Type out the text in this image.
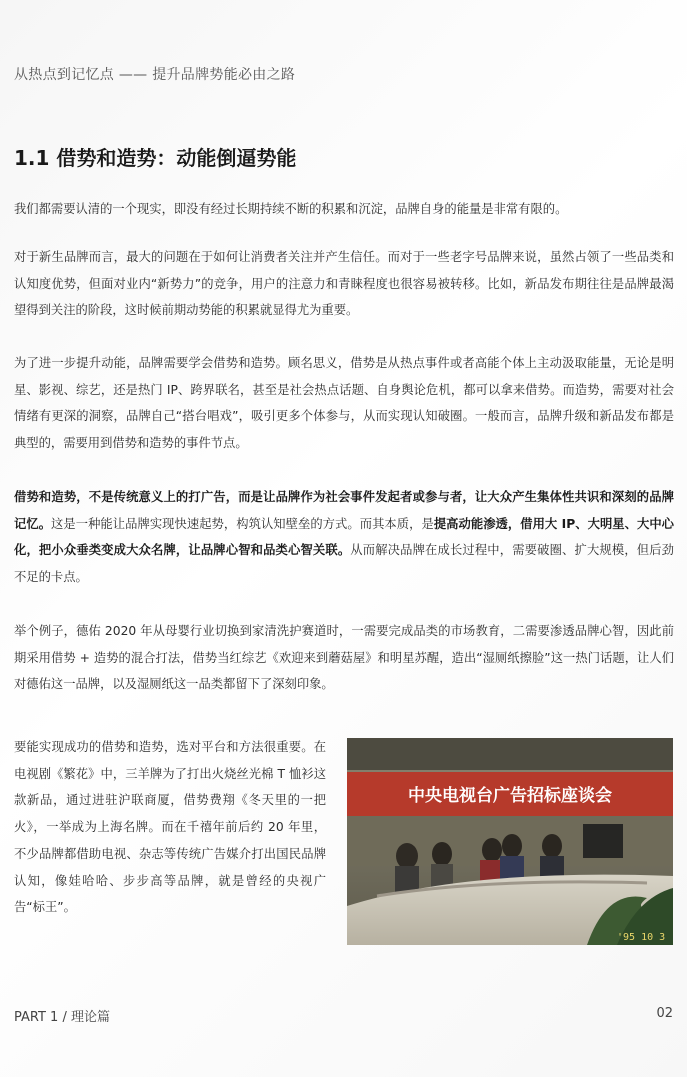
从热点到记忆点 —— 提升品牌势能必由之路
1.1 借势和造势：动能倒逼势能

我们都需要认清的一个现实，即没有经过长期持续不断的积累和沉淀，品牌自身的能量是非常有限的。

对于新生品牌而言，最大的问题在于如何让消费者关注并产生信任。而对于一些老字号品牌来说，虽然占领了一些品类和认知度优势，但面对业内“新势力”的竞争，用户的注意力和青睐程度也很容易被转移。比如，新品发布期往往是品牌最渴望得到关注的阶段，这时候前期动势能的积累就显得尤为重要。

为了进一步提升动能，品牌需要学会借势和造势。顾名思义，借势是从热点事件或者高能个体上主动汲取能量，无论是明星、影视、综艺，还是热门 IP、跨界联名，甚至是社会热点话题、自身舆论危机，都可以拿来借势。而造势，需要对社会情绪有更深的洞察，品牌自己“搭台唱戏”，吸引更多个体参与，从而实现认知破圈。一般而言，品牌升级和新品发布都是典型的，需要用到借势和造势的事件节点。

借势和造势，不是传统意义上的打广告，而是让品牌作为社会事件发起者或参与者，让大众产生集体性共识和深刻的品牌记忆。这是一种能让品牌实现快速起势，构筑认知壁垒的方式。而其本质，是提高动能渗透，借用大 IP、大明星、大中心化，把小众垂类变成大众名牌，让品牌心智和品类心智关联。从而解决品牌在成长过程中，需要破圈、扩大规模，但后劲不足的卡点。

举个例子，德佑 2020 年从母婴行业切换到家清洗护赛道时，一需要完成品类的市场教育，二需要渗透品牌心智，因此前期采用借势 + 造势的混合打法，借势当红综艺《欢迎来到蘑菇屋》和明星苏醒，造出“湿厕纸擦脸”这一热门话题，让人们对德佑这一品牌，以及湿厕纸这一品类都留下了深刻印象。

要能实现成功的借势和造势，选对平台和方法很重要。在电视剧《繁花》中，三羊牌为了打出火烧丝光棉 T 恤衫这款新品，通过进驻沪联商厦，借势费翔《冬天里的一把火》，一举成为上海名牌。而在千禧年前后约 20 年里，不少品牌都借助电视、杂志等传统广告媒介打出国民品牌认知，像娃哈哈、步步高等品牌，就是曾经的央视广告“标王”。

中央电视台广告招标座谈会
'95 10 3
PART 1 / 理论篇	02
